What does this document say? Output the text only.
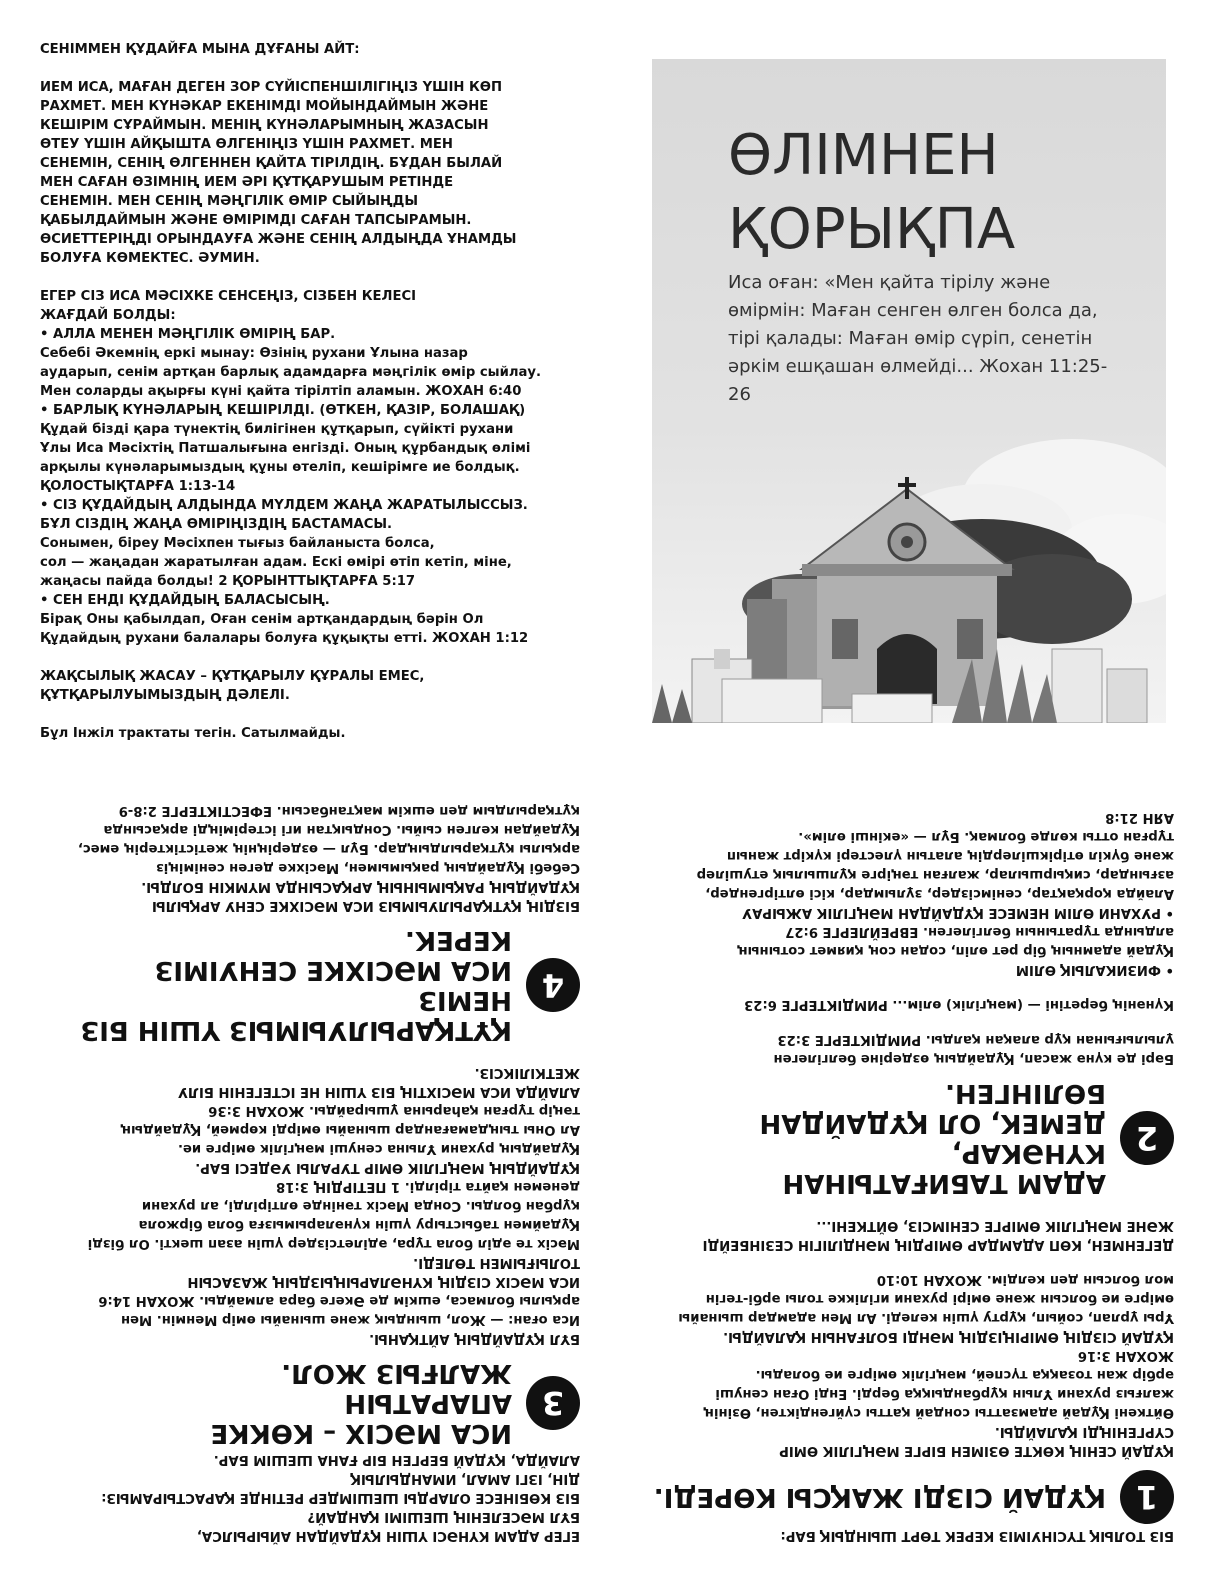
СЕНІММЕН ҚҰДАЙҒА МЫНА ДҰҒАНЫ АЙТ:

ИЕМ ИСА, МАҒАН ДЕГЕН ЗОР СҮЙІСПЕНШІЛІГІҢІЗ ҮШІН КӨП

РАХМЕТ. МЕН КҮНӘКАР ЕКЕНІМДІ МОЙЫНДАЙМЫН ЖӘНЕ

КЕШІРІМ СҰРАЙМЫН. МЕНІҢ КҮНӘЛАРЫМНЫҢ ЖАЗАСЫН

ӨТЕУ ҮШІН АЙҚЫШТА ӨЛГЕНІҢІЗ ҮШІН РАХМЕТ. МЕН

СЕНЕМІН, СЕНІҢ ӨЛГЕННЕН ҚАЙТА ТІРІЛДІҢ. БҰДАН БЫЛАЙ

МЕН САҒАН ӨЗІМНІҢ ИЕМ ӘРІ ҚҰТҚАРУШЫМ РЕТІНДЕ

СЕНЕМІН. МЕН СЕНІҢ МӘҢГІЛІК ӨМІР СЫЙЫҢДЫ

ҚАБЫЛДАЙМЫН ЖӘНЕ ӨМІРІМДІ САҒАН ТАПСЫРАМЫН.

ӨСИЕТТЕРІҢДІ ОРЫНДАУҒА ЖӘНЕ СЕНІҢ АЛДЫҢДА ҰНАМДЫ

БОЛУҒА КӨМЕКТЕС. ӘУМИН.

ЕГЕР СІЗ ИСА МӘСІХКЕ СЕНСЕҢІЗ, СІЗБЕН КЕЛЕСІ

ЖАҒДАЙ БОЛДЫ:

• АЛЛА МЕНЕН МӘҢГІЛІК ӨМІРІҢ БАР.

Себебі Әкемнің еркі мынау: Өзінің рухани Ұлына назар

аударып, сенім артқан барлық адамдарға мәңгілік өмір сыйлау.

Мен соларды ақырғы күні қайта тірілтіп аламын. ЖОХАН 6:40

• БАРЛЫҚ КҮНӘЛАРЫҢ КЕШІРІЛДІ. (ӨТКЕН, ҚАЗІР, БОЛАШАҚ)

Құдай бізді қара түнектің билігінен құтқарып, сүйікті рухани

Ұлы Иса Мәсіхтің Патшалығына енгізді. Оның құрбандық өлімі

арқылы күнәларымыздың құны өтеліп, кешірімге ие болдық.

ҚОЛОСТЫҚТАРҒА 1:13-14

• СІЗ ҚҰДАЙДЫҢ АЛДЫНДА МҮЛДЕМ ЖАҢА ЖАРАТЫЛЫССЫЗ.

БҰЛ СІЗДІҢ ЖАҢА ӨМІРІҢІЗДІҢ БАСТАМАСЫ.

Сонымен, біреу Мәсіхпен тығыз байланыста болса,

сол — жаңадан жаратылған адам. Ескі өмірі өтіп кетіп, міне,

жаңасы пайда болды! 2 ҚОРЫНТТЫҚТАРҒА 5:17

• СЕН ЕНДІ ҚҰДАЙДЫҢ БАЛАСЫСЫҢ.

Бірақ Оны қабылдап, Оған сенім артқандардың бәрін Ол

Құдайдың рухани балалары болуға құқықты етті. ЖОХАН 1:12

ЖАҚСЫЛЫҚ ЖАСАУ – ҚҰТҚАРЫЛУ ҚҰРАЛЫ ЕМЕС,

ҚҰТҚАРЫЛУЫМЫЗДЫҢ ДӘЛЕЛІ.

Бұл Інжіл трактаты тегін. Сатылмайды.

ӨЛІМНЕН
ҚОРЫҚПА
Иса оған: «Мен қайта тірілу және өмірмін: Маған сенген өлген болса да, тірі қалады: Маған өмір сүріп, сенетін әркім ешқашан өлмейді... Жохан 11:25-26

БІЗ ТОЛЫҚ ТҮСІНУІМІЗ КЕРЕК ТӨРТ ШЫНДЫҚ БАР:

1
ҚҰДАЙ СІЗДІ ЖАҚСЫ КӨРЕДІ.

ҚҰДАЙ СЕНІҢ КӨКТЕ ӨЗІМЕН БІРГЕ МӘҢГІЛІК ӨМІР

СҮРГЕНІҢДІ ҚАЛАЙДЫ.

Өйткені Құдай адамзатты сондай қатты сүйгендіктен, Өзінің

жалғыз рухани Ұлын құрбандыққа берді. Енді Оған сенуші

әрбір жан тозаққа түспей, мәңгілік өмірге ие болады.

ЖОХАН 3:16

ҚҰДАЙ СІЗДІҢ ӨМІРІҢІЗДІҢ МӘНДІ БОЛҒАНЫН ҚАЛАЙДЫ.

Ұры ұрлап, сойып, құрту үшін келеді. Ал Мен адамдар шынайы

өмірге ие болсын және өмірі рухани игілікке толы əрбі-тегін

мол болсын деп келдім. ЖОХАН 10:10

ДЕГЕНМЕН, КӨП АДАМДАР ӨМІРДІҢ МӘНДІЛІГІН СЕЗІНБЕЙДІ

ЖӘНЕ МӘҢГІЛІК ӨМІРГЕ СЕНІМСІЗ, ӨЙТКЕНІ...

2
АДАМ ТАБИҒАТЫНАН КҮНӘКАР,
ДЕМЕК, ОЛ ҚҰДАЙДАН БӨЛІНГЕН.

Бәрі де күнә жасап, Құдайдың өздеріне белгілеген

ұлылығынан құр алақан қалды. РИМДІКТЕРГЕ 3:23

Күнәнің беретіні — (мәңгілік) өлім... РИМДІКТЕРГЕ 6:23

• ФИЗИКАЛЫҚ ӨЛІМ

Құдай адамның бір рет өліп, содан соң қиямет сотының

алдында тұратынын белгілеген. ЕВРЕЙЛЕРГЕ 9:27

• РУХАНИ ӨЛІМ НЕМЕСЕ ҚҰДАЙДАН МӘҢГІЛІК АЖЫРАУ

Алайда қорқақтар, сенімсіздер, зұлымдар, кісі өлтіргендер,

азғындар, сиқыршылар, жалған тәңірге құлшылық етушілер

және бүкіл өтірікшілердің алатын үлестері күкірт жанып

тұрған отты көлде болмақ. Бұл — «екінші өлім».

АЯН 21:8

ЕГЕР АДАМ КҮНӘСІ ҮШІН ҚҰДАЙДАН АЙЫРЫЛСА,

БҰЛ МӘСЕЛЕНІҢ ШЕШІМІ ҚАНДАЙ?

БІЗ КӨБІНЕСЕ ОЛАРДЫ ШЕШІМДЕР РЕТІНДЕ ҚАРАСТЫРАМЫЗ:

ДІН, ІЗГІ АМАЛ, ИМАНДЫЛЫҚ

АЛАЙДА, ҚҰДАЙ БЕРГЕН БІР ҒАНА ШЕШІМ БАР.

3
ИСА МӘСІХ – КӨККЕ АПАРАТЫН
ЖАЛҒЫЗ ЖОЛ.

БҰЛ ҚҰДАЙДЫҢ АЙТҚАНЫ.

Иса оған: — Жол, шындық және шынайы өмір Менмін. Мен

арқылы болмаса, ешкім де Әкеге бара алмайды. ЖОХАН 14:6

ИСА МӘСІХ СІЗДІҢ КҮНӘЛАРЫҢЫЗДЫҢ ЖАЗАСЫН

ТОЛЫҒЫМЕН ТӨЛЕДІ.

Мәсіх те әділ бола тұра, әділетсіздер үшін азап шекті. Ол бізді

Құдаймен табыстыру үшін күнәларымызға бола біржола

құрбан болды. Сонда Мәсіх тәнінде өлтірілді, ал рухани

денемен қайта тірілді. 1 ПЕТІРДІҢ 3:18

ҚҰДАЙДЫҢ МӘҢГІЛІК ӨМІР ТУРАЛЫ УӘДЕСІ БАР.

Құдайдың рухани Ұлына сенуші мәңгілік өмірге ие.

Ал Оны тыңдамағандар шынайы өмірді көрмей, Құдайдың

тәңір тұрған қаһарына ұшырайды. ЖОХАН 3:36

АЛАЙДА ИСА МӘСІХТІҢ БІЗ ҮШІН НЕ ІСТЕГЕНІН БІЛУ

ЖЕТКІЛІКСІЗ.

4
ҚҰТҚАРЫЛУЫМЫЗ ҮШІН БІЗ НЕМІЗ
ИСА МӘСІХКЕ СЕНУІМІЗ КЕРЕК.

БІЗДІҢ ҚҰТҚАРЫЛУЫМЫЗ ИСА МӘСІХКЕ СЕНУ АРҚЫЛЫ

ҚҰДАЙДЫҢ РАҚЫМЫНЫҢ АРҚАСЫНДА МҮМКІН БОЛДЫ.

Себебі Құдайдың рақымымен, Мәсіхке деген сеніміңіз

арқылы құтқарылдыңдар. Бұл — өздеріңнің жетістіктерің емес,

Құдайдан келген сыйы. Сондықтан игі істеріміңді арқасында

құтқарылдым деп ешкім мақтанбасын. ЕФЕСТІКТЕРГЕ 2:8-9
